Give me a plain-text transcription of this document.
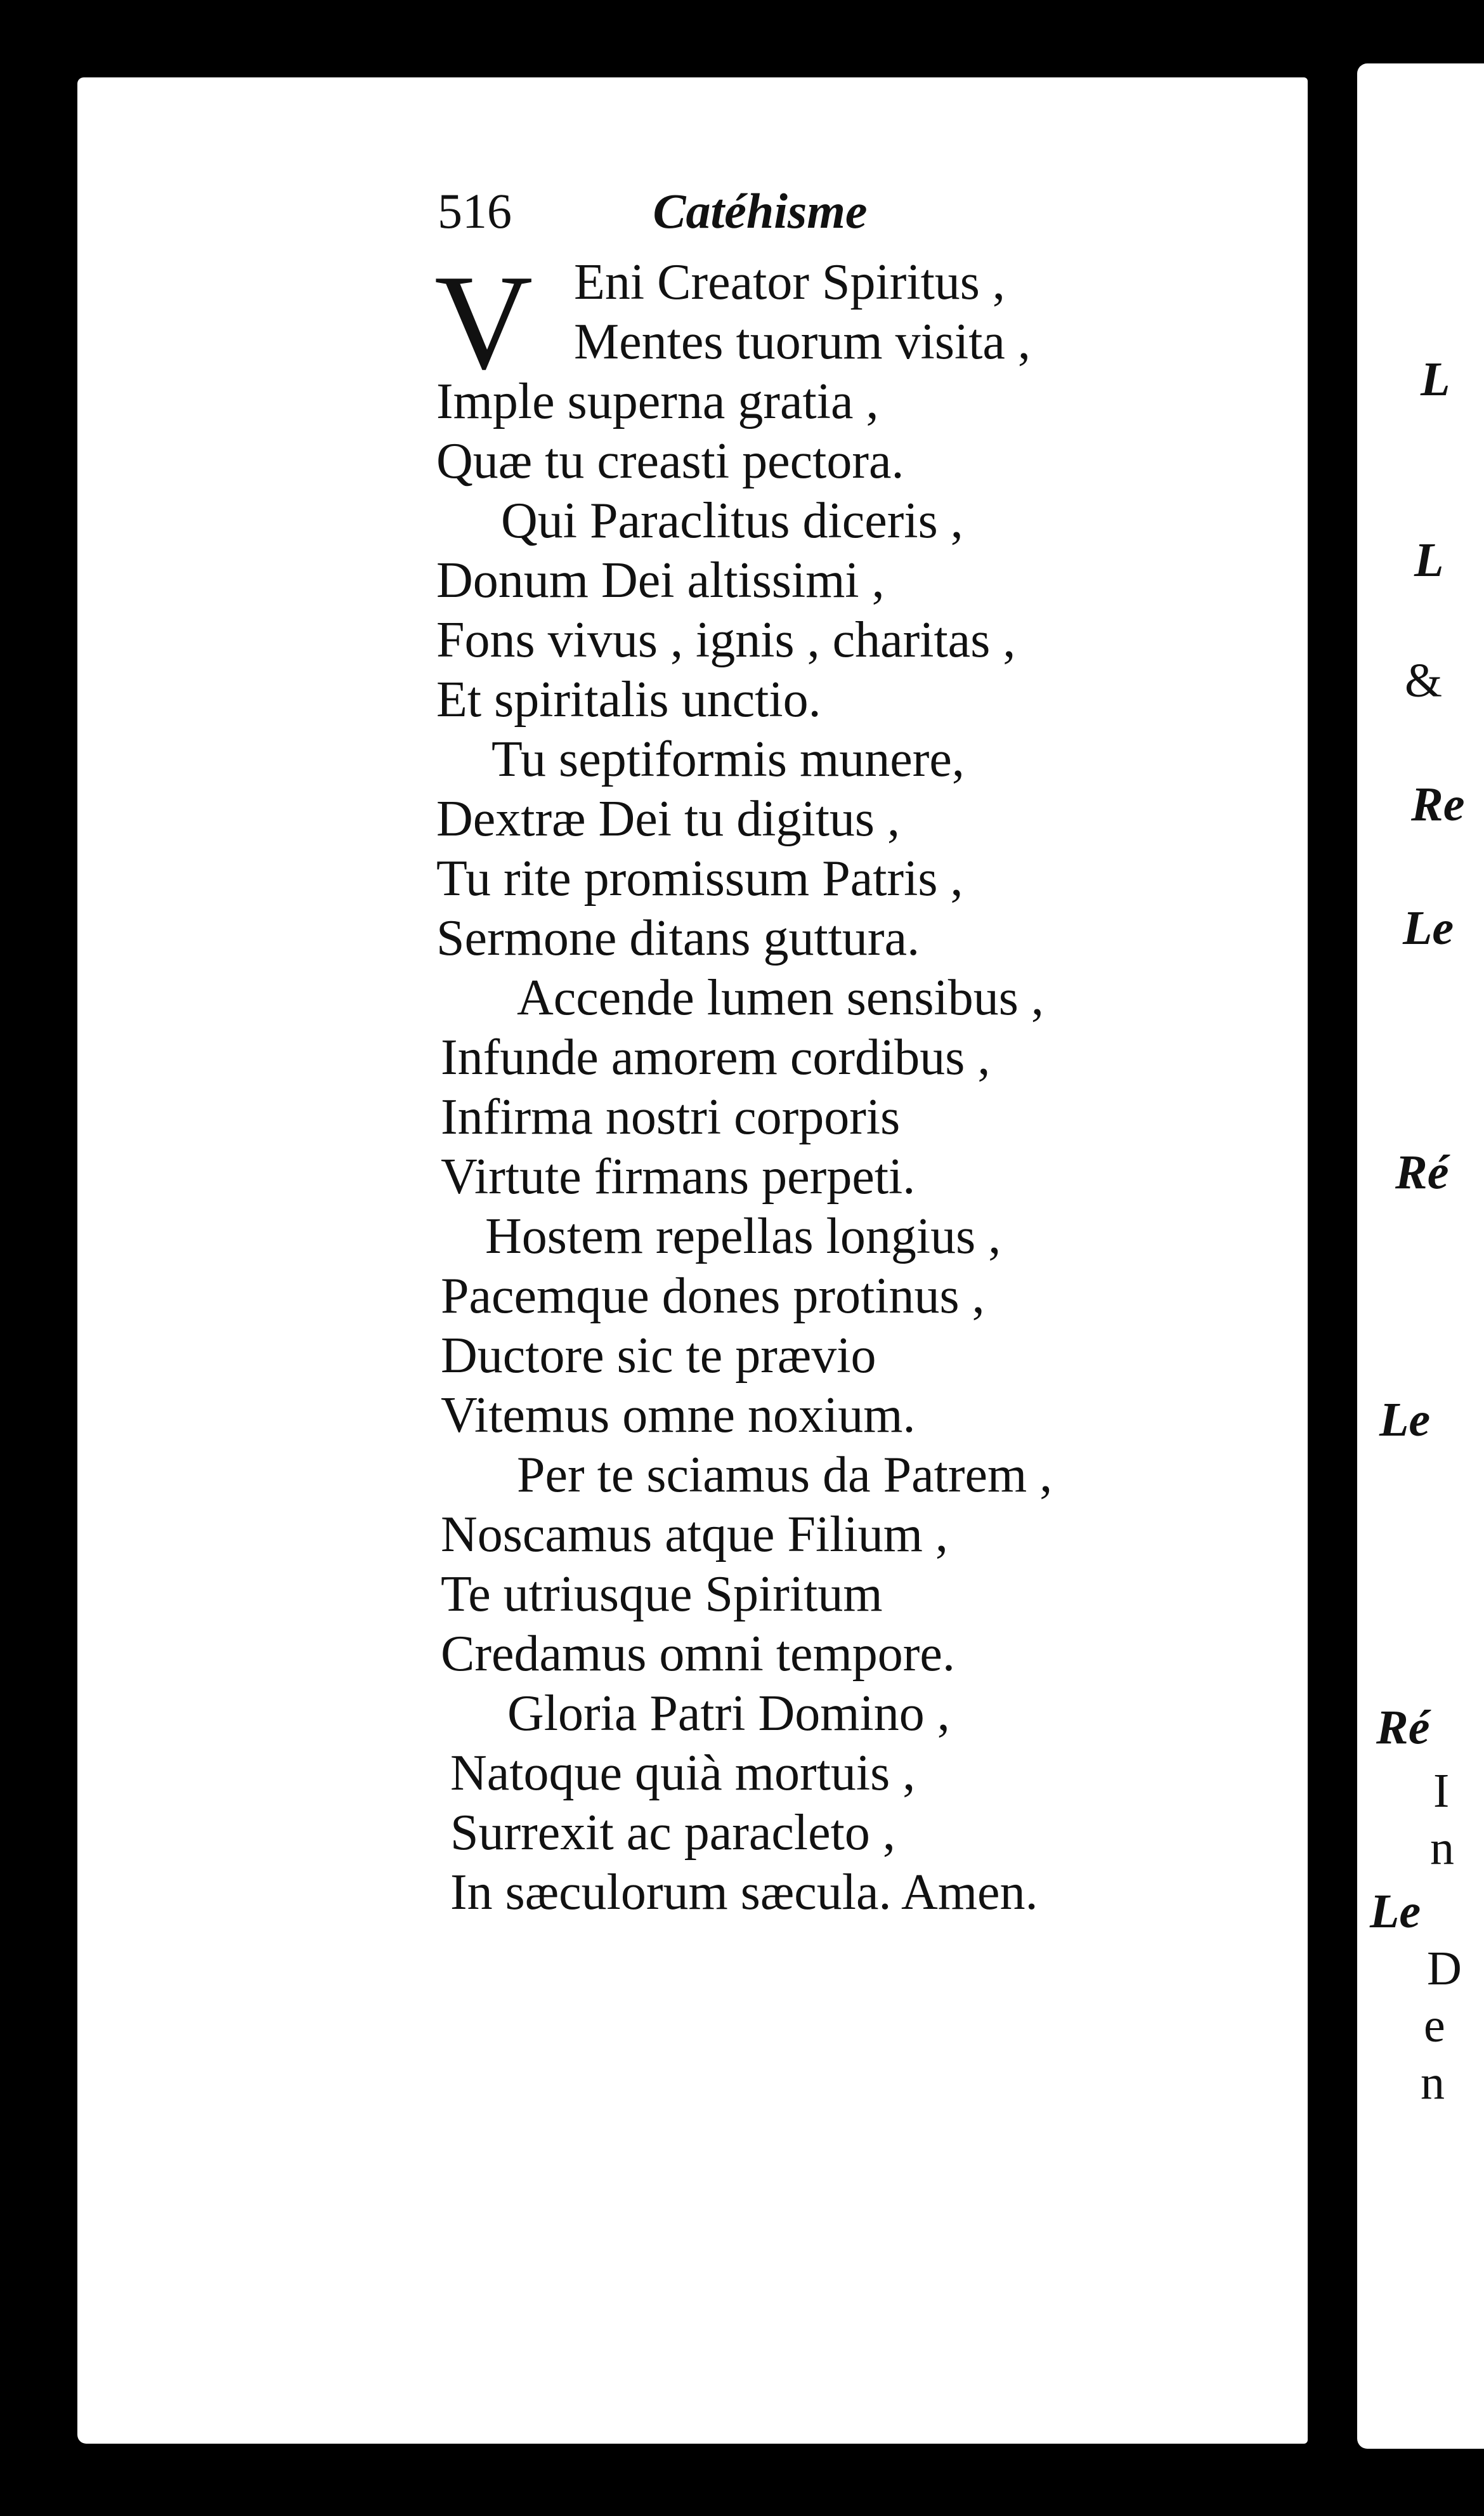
516	Catéhisme
V Eni Creator Spiritus ,
Mentes tuorum visita ,
Imple superna gratia ,
Quæ tu creasti pectora.
Qui Paraclitus diceris ,
Donum Dei altissimi ,
Fons vivus , ignis , charitas ,
Et spiritalis unctio.
Tu septiformis munere,
Dextræ Dei tu digitus ,
Tu rite promissum Patris ,
Sermone ditans guttura.
Accende lumen sensibus ,
Infunde amorem cordibus ,
Infirma nostri corporis
Virtute firmans perpeti.
Hostem repellas longius ,
Pacemque dones protinus ,
Ductore sic te prævio
Vitemus omne noxium.
Per te sciamus da Patrem ,
Noscamus atque Filium ,
Te utriusque Spiritum
Credamus omni tempore.
Gloria Patri Domino ,
Natoque quià mortuis ,
Surrexit ac paracleto ,
In sæculorum sæcula. Amen.
L
L
&
Re
Le
Ré
Le
Ré
Le
I
n
D
e
n
